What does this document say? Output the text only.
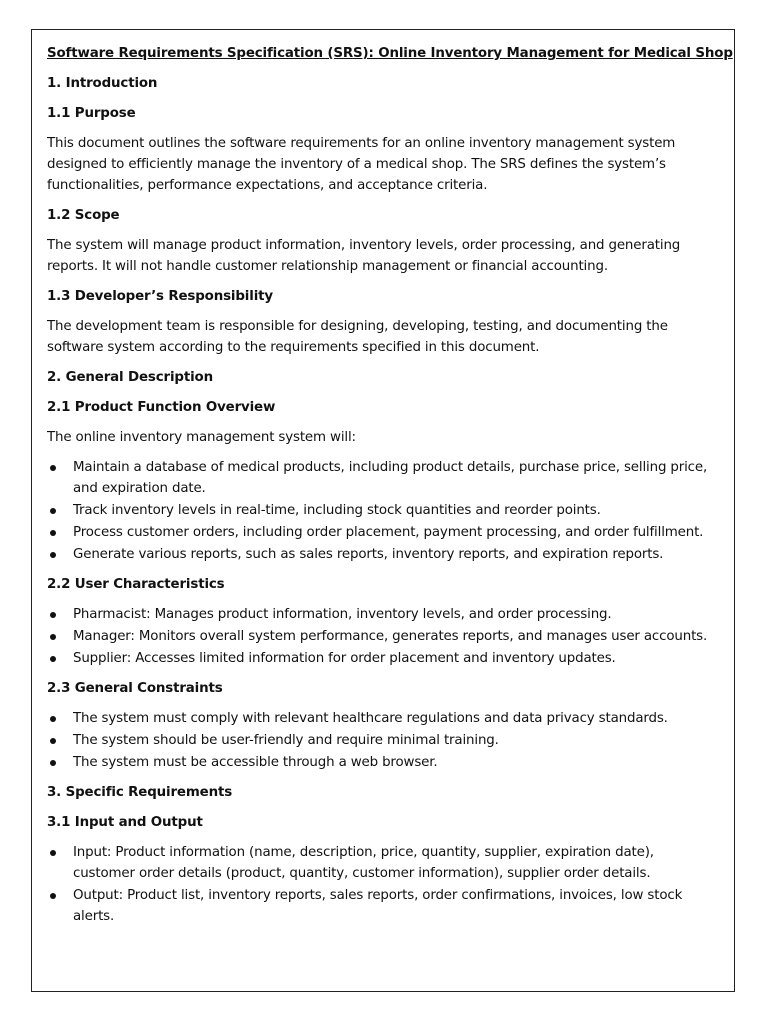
Software Requirements Specification (SRS): Online Inventory Management for Medical Shop
1. Introduction
1.1 Purpose
This document outlines the software requirements for an online inventory management system designed to efficiently manage the inventory of a medical shop. The SRS defines the system’s functionalities, performance expectations, and acceptance criteria.
1.2 Scope
The system will manage product information, inventory levels, order processing, and generating reports. It will not handle customer relationship management or financial accounting.
1.3 Developer’s Responsibility
The development team is responsible for designing, developing, testing, and documenting the software system according to the requirements specified in this document.
2. General Description
2.1 Product Function Overview
The online inventory management system will:
Maintain a database of medical products, including product details, purchase price, selling price, and expiration date.
Track inventory levels in real-time, including stock quantities and reorder points.
Process customer orders, including order placement, payment processing, and order fulfillment.
Generate various reports, such as sales reports, inventory reports, and expiration reports.
2.2 User Characteristics
Pharmacist: Manages product information, inventory levels, and order processing.
Manager: Monitors overall system performance, generates reports, and manages user accounts.
Supplier: Accesses limited information for order placement and inventory updates.
2.3 General Constraints
The system must comply with relevant healthcare regulations and data privacy standards.
The system should be user-friendly and require minimal training.
The system must be accessible through a web browser.
3. Specific Requirements
3.1 Input and Output
Input: Product information (name, description, price, quantity, supplier, expiration date), customer order details (product, quantity, customer information), supplier order details.
Output: Product list, inventory reports, sales reports, order confirmations, invoices, low stock alerts.
